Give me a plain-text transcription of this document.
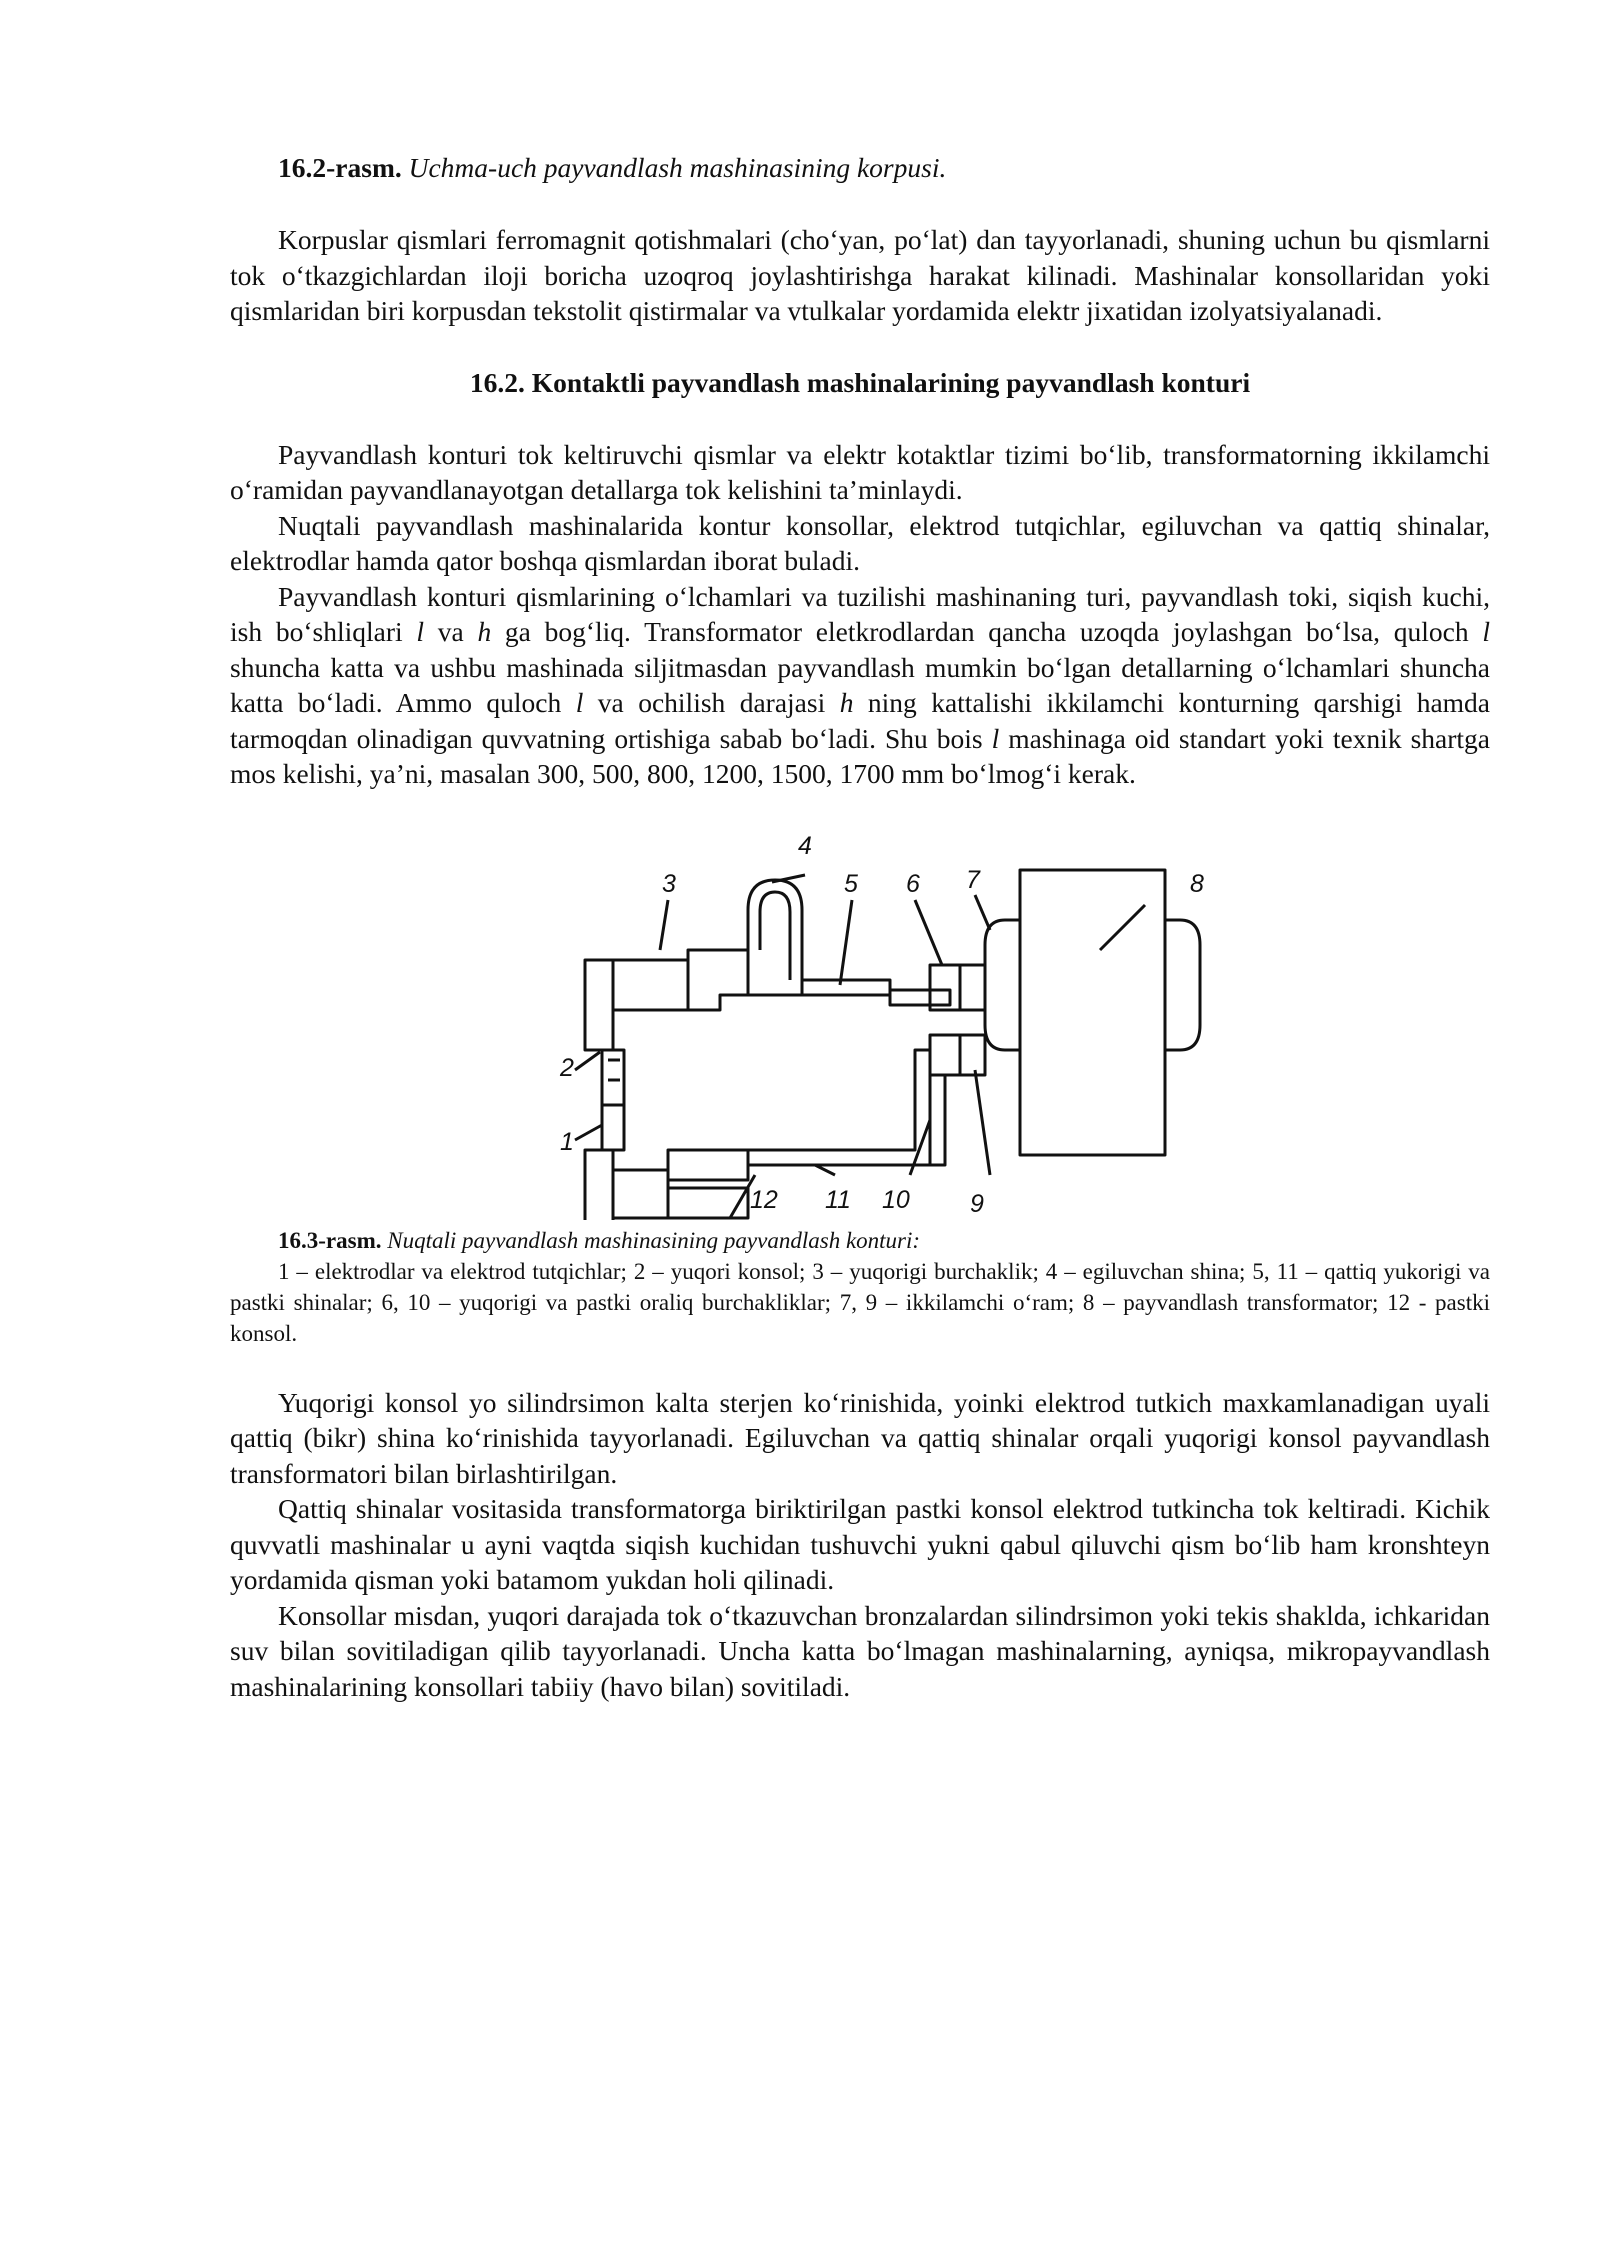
16.2-rasm. Uchma-uch payvandlash mashinasining korpusi.

Korpuslar qismlari ferromagnit qotishmalari (cho‘yan, po‘lat) dan tayyorlanadi, shuning uchun bu qismlarni tok o‘tkazgichlardan iloji boricha uzoqroq joylashtirishga harakat kilinadi. Mashinalar konsollaridan yoki qismlaridan biri korpusdan tekstolit qistirmalar va vtulkalar yordamida elektr jixatidan izolyatsiyalanadi.

16.2. Kontaktli payvandlash mashinalarining payvandlash konturi

Payvandlash konturi tok keltiruvchi qismlar va elektr kotaktlar tizimi bo‘lib, transformatorning ikkilamchi o‘ramidan payvandlanayotgan detallarga tok kelishini ta’minlaydi.

Nuqtali payvandlash mashinalarida kontur konsollar, elektrod tutqichlar, egiluvchan va qattiq shinalar, elektrodlar hamda qator boshqa qismlardan iborat buladi.

Payvandlash konturi qismlarining o‘lchamlari va tuzilishi mashinaning turi, payvandlash toki, siqish kuchi, ish bo‘shliqlari l va h ga bog‘liq. Transformator eletkrodlardan qancha uzoqda joylashgan bo‘lsa, quloch l shuncha katta va ushbu mashinada siljitmasdan payvandlash mumkin bo‘lgan detallarning o‘lchamlari shuncha katta bo‘ladi. Ammo quloch l va ochilish darajasi h ning kattalishi ikkilamchi konturning qarshigi hamda tarmoqdan olinadigan quvvatning ortishiga sabab bo‘ladi. Shu bois l mashinaga oid standart yoki texnik shartga mos kelishi, ya’ni, masalan 300, 500, 800, 1200, 1500, 1700 mm bo‘lmog‘i kerak.

2
1
3
4
5 6 7	8
9
10
11
12

16.3-rasm. Nuqtali payvandlash mashinasining payvandlash konturi:

1 – elektrodlar va elektrod tutqichlar; 2 – yuqori konsol; 3 – yuqorigi burchaklik; 4 – egiluvchan shina; 5, 11 – qattiq yukorigi va pastki shinalar; 6, 10 – yuqorigi va pastki oraliq burchakliklar; 7, 9 – ikkilamchi o‘ram; 8 – payvandlash transformator; 12 - pastki konsol.

Yuqorigi konsol yo silindrsimon kalta sterjen ko‘rinishida, yoinki elektrod tutkich maxkamlanadigan uyali qattiq (bikr) shina ko‘rinishida tayyorlanadi. Egiluvchan va qattiq shinalar orqali yuqorigi konsol payvandlash transformatori bilan birlashtirilgan.

Qattiq shinalar vositasida transformatorga biriktirilgan pastki konsol elektrod tutkincha tok keltiradi. Kichik quvvatli mashinalar u ayni vaqtda siqish kuchidan tushuvchi yukni qabul qiluvchi qism bo‘lib ham kronshteyn yordamida qisman yoki batamom yukdan holi qilinadi.

Konsollar misdan, yuqori darajada tok o‘tkazuvchan bronzalardan silindrsimon yoki tekis shaklda, ichkaridan suv bilan sovitiladigan qilib tayyorlanadi. Uncha katta bo‘lmagan mashinalarning, ayniqsa, mikropayvandlash mashinalarining konsollari tabiiy (havo bilan) sovitiladi.
